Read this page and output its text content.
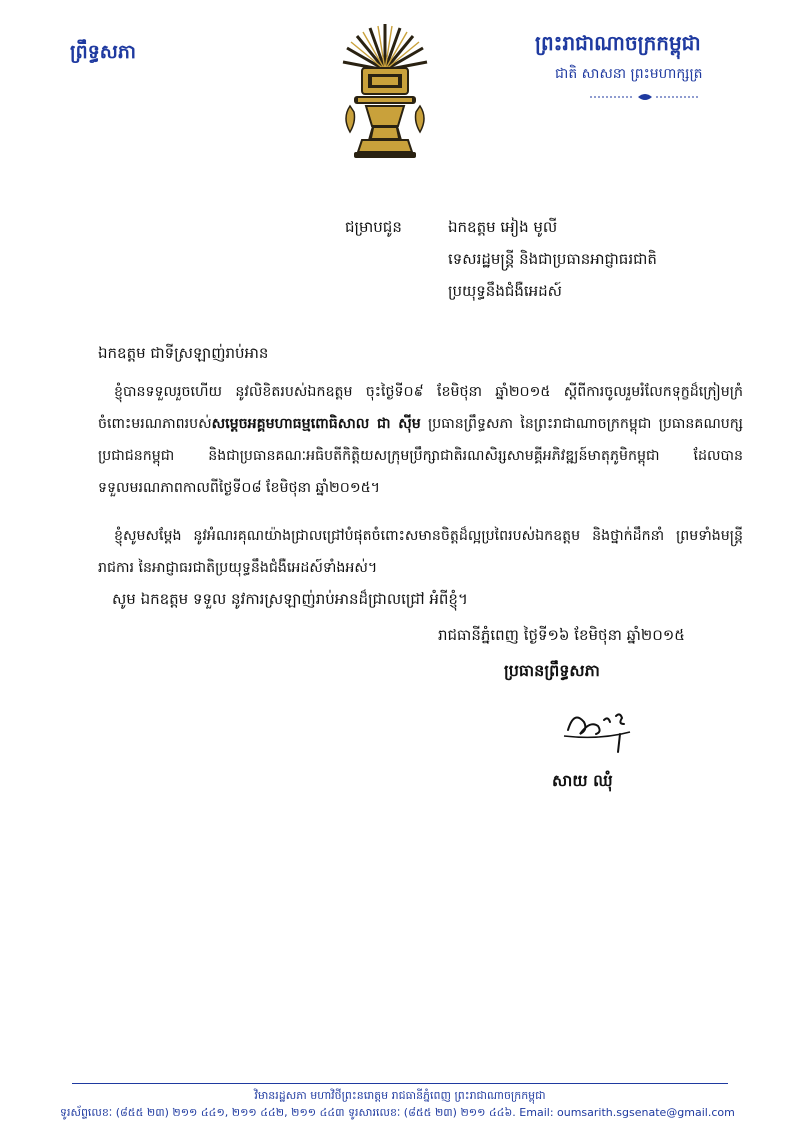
ព្រឹទ្ធសភា	ព្រះរាជាណាចក្រកម្ពុជា
ជាតិ សាសនា ព្រះមហាក្សត្រ
ជម្រាបជូន	ឯកឧត្តម អៀង មូលី
ទេសរដ្ឋមន្ត្រី និងជាប្រធានអាជ្ញាធរជាតិ
ប្រយុទ្ធនឹងជំងឺអេដស៍
ឯកឧត្តម ជាទីស្រឡាញ់រាប់អាន
ខ្ញុំបានទទួលរួចហើយ នូវលិខិតរបស់ឯកឧត្តម ចុះថ្ងៃទី០៩ ខែមិថុនា ឆ្នាំ២០១៥ ស្តីពីការចូលរួមរំលែកទុក្ខដ៏ក្រៀមក្រំចំពោះមរណភាពរបស់សម្តេចអគ្គមហាធម្មពោធិសាល ជា ស៊ីម ប្រធានព្រឹទ្ធសភា នៃព្រះរាជាណាចក្រកម្ពុជា ប្រធានគណបក្សប្រជាជនកម្ពុជា និងជាប្រធានគណៈអធិបតីកិត្តិយសក្រុមប្រឹក្សាជាតិរណសិរ្សសាមគ្គីអភិវឌ្ឍន៍មាតុភូមិកម្ពុជា ដែលបានទទួលមរណភាពកាលពីថ្ងៃទី០៨ ខែមិថុនា ឆ្នាំ២០១៥។
ខ្ញុំសូមសម្តែង នូវអំណរគុណយ៉ាងជ្រាលជ្រៅបំផុតចំពោះសមានចិត្តដ៏ល្អប្រពៃរបស់ឯកឧត្តម និងថ្នាក់ដឹកនាំ ព្រមទាំងមន្ត្រីរាជការ នៃអាជ្ញាធរជាតិប្រយុទ្ធនឹងជំងឺអេដស៍ទាំងអស់។
សូម ឯកឧត្តម ទទួល នូវការស្រឡាញ់រាប់អានដ៏ជ្រាលជ្រៅ អំពីខ្ញុំ។
រាជធានីភ្នំពេញ ថ្ងៃទី១៦ ខែមិថុនា ឆ្នាំ២០១៥
ប្រធានព្រឹទ្ធសភា
សាយ ឈុំ
វិមានរដ្ឋសភា មហាវិថីព្រះនរោត្តម រាជធានីភ្នំពេញ ព្រះរាជាណាចក្រកម្ពុជា
ទូរស័ព្ទលេខៈ (៨៥៥ ២៣) ២១១ ៤៤១, ២១១ ៤៤២, ២១១ ៤៤៣ ទូរសារលេខៈ (៨៥៥ ២៣) ២១១ ៤៤៦. Email: oumsarith.sgsenate@gmail.com
